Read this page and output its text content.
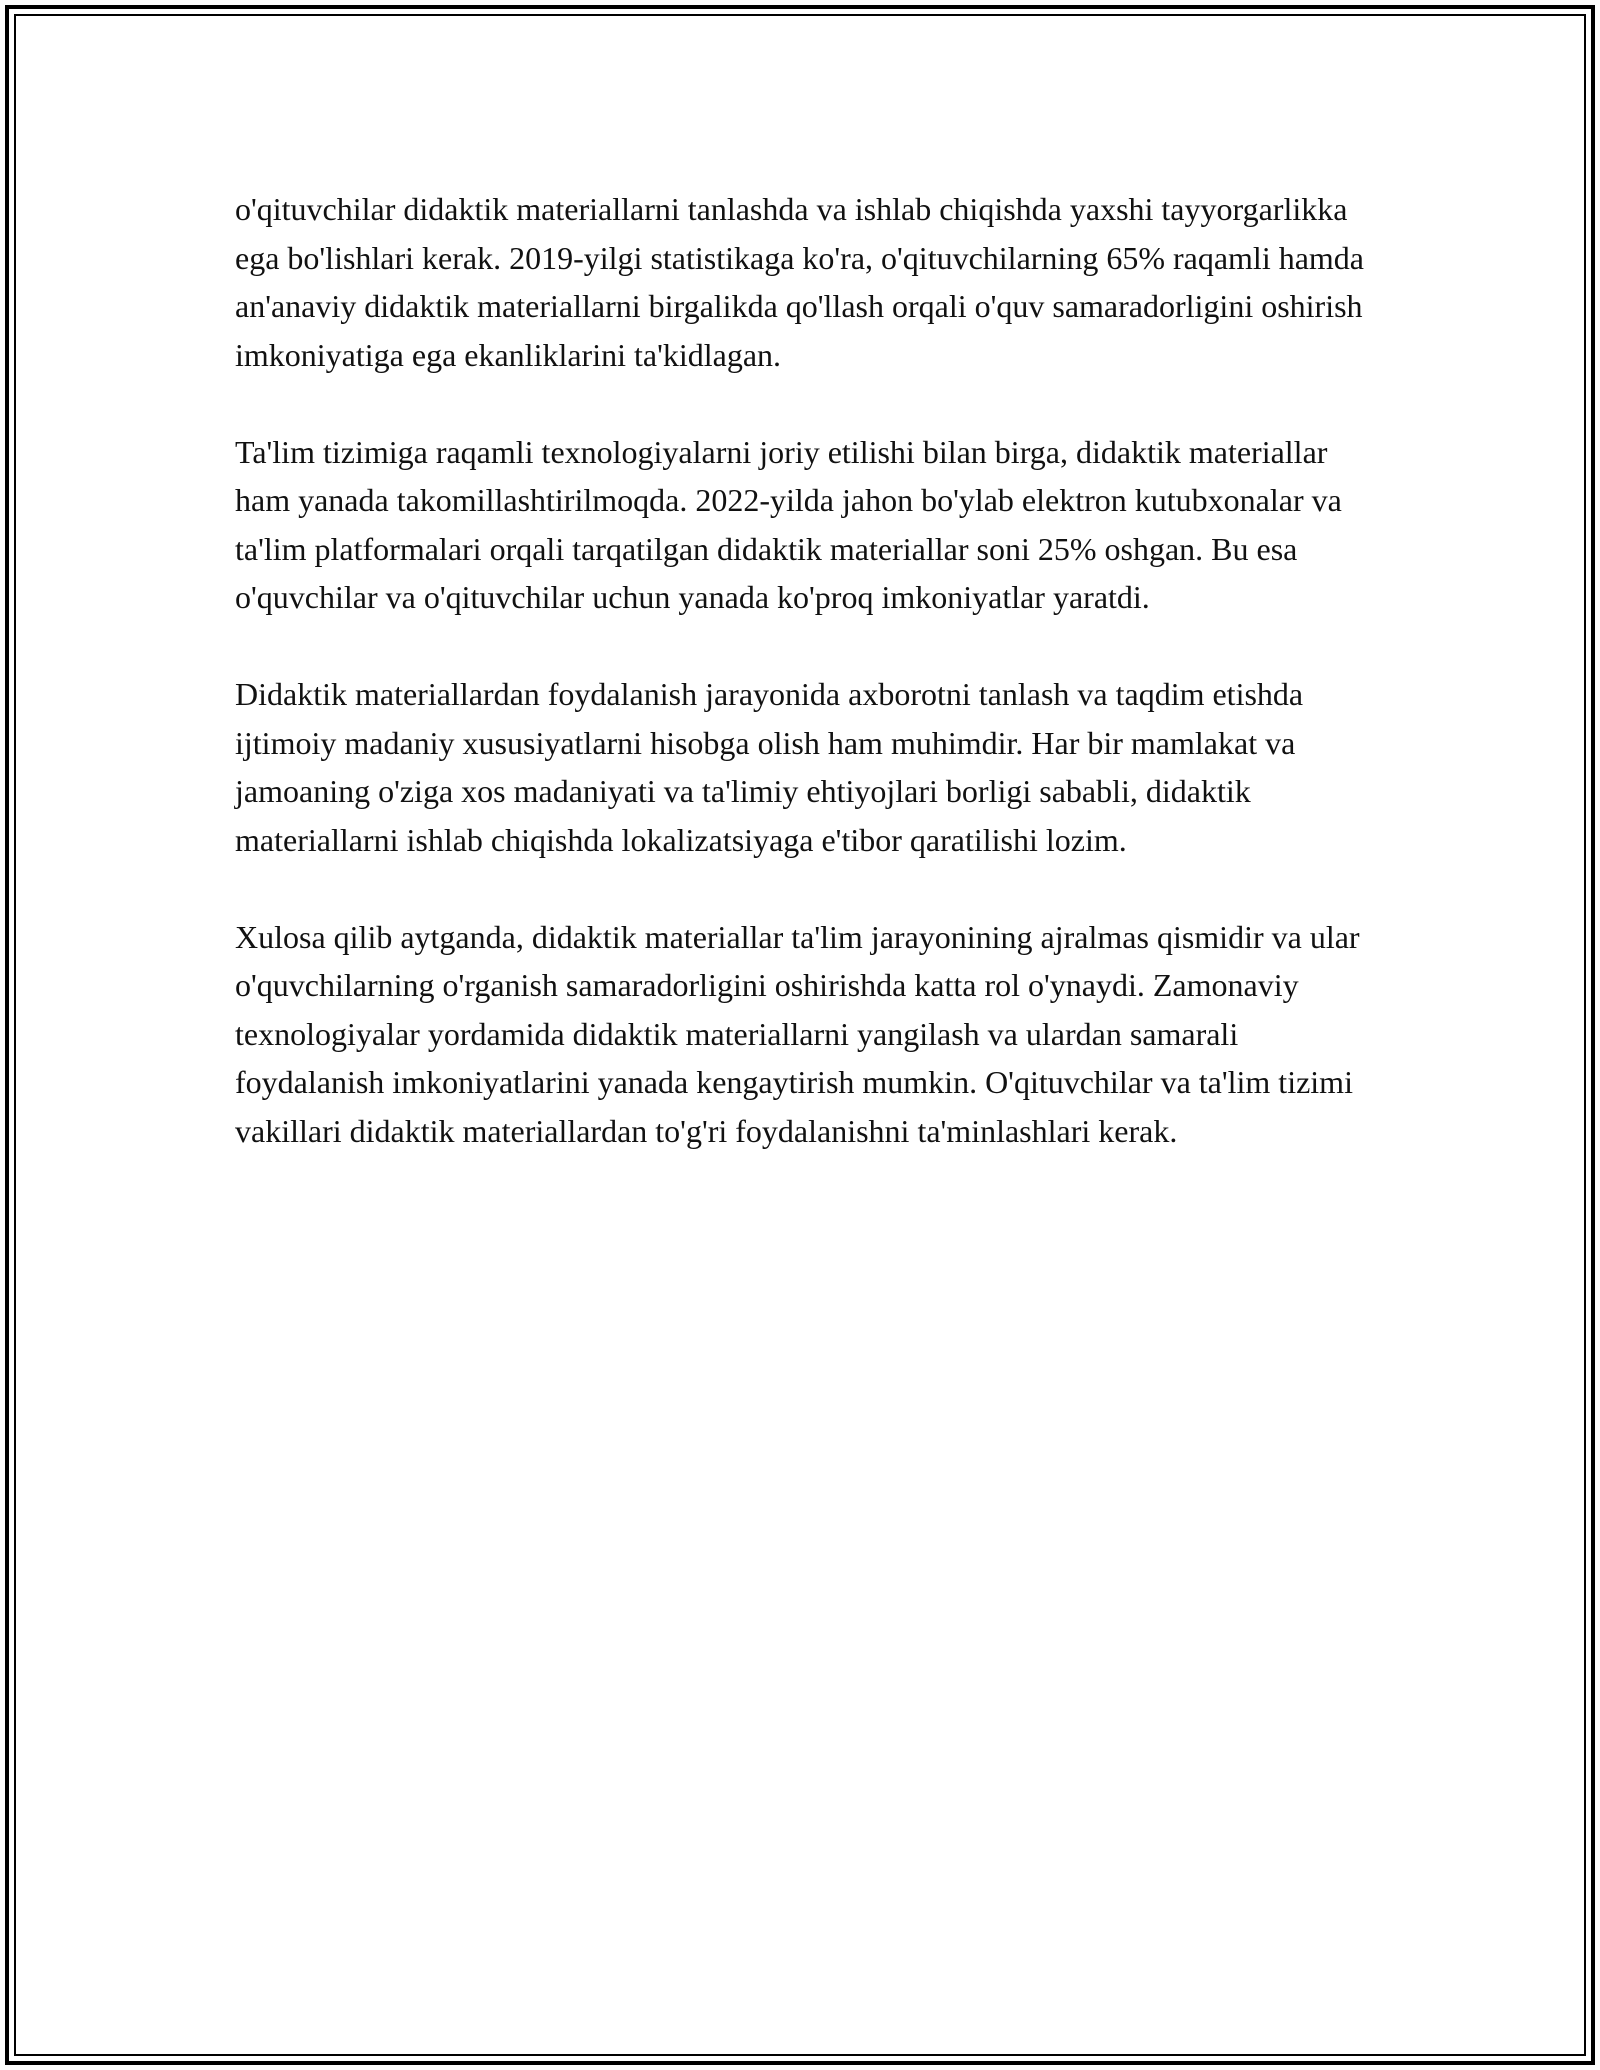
o'qituvchilar didaktik materiallarni tanlashda va ishlab chiqishda yaxshi tayyorgarlikka ega bo'lishlari kerak. 2019-yilgi statistikaga ko'ra, o'qituvchilarning 65% raqamli hamda an'anaviy didaktik materiallarni birgalikda qo'llash orqali o'quv samaradorligini oshirish imkoniyatiga ega ekanliklarini ta'kidlagan.

Ta'lim tizimiga raqamli texnologiyalarni joriy etilishi bilan birga, didaktik materiallar ham yanada takomillashtirilmoqda. 2022-yilda jahon bo'ylab elektron kutubxonalar va ta'lim platformalari orqali tarqatilgan didaktik materiallar soni 25% oshgan. Bu esa o'quvchilar va o'qituvchilar uchun yanada ko'proq imkoniyatlar yaratdi.

Didaktik materiallardan foydalanish jarayonida axborotni tanlash va taqdim etishda ijtimoiy madaniy xususiyatlarni hisobga olish ham muhimdir. Har bir mamlakat va jamoaning o'ziga xos madaniyati va ta'limiy ehtiyojlari borligi sababli, didaktik materiallarni ishlab chiqishda lokalizatsiyaga e'tibor qaratilishi lozim.

Xulosa qilib aytganda, didaktik materiallar ta'lim jarayonining ajralmas qismidir va ular o'quvchilarning o'rganish samaradorligini oshirishda katta rol o'ynaydi. Zamonaviy texnologiyalar yordamida didaktik materiallarni yangilash va ulardan samarali foydalanish imkoniyatlarini yanada kengaytirish mumkin. O'qituvchilar va ta'lim tizimi vakillari didaktik materiallardan to'g'ri foydalanishni ta'minlashlari kerak.
